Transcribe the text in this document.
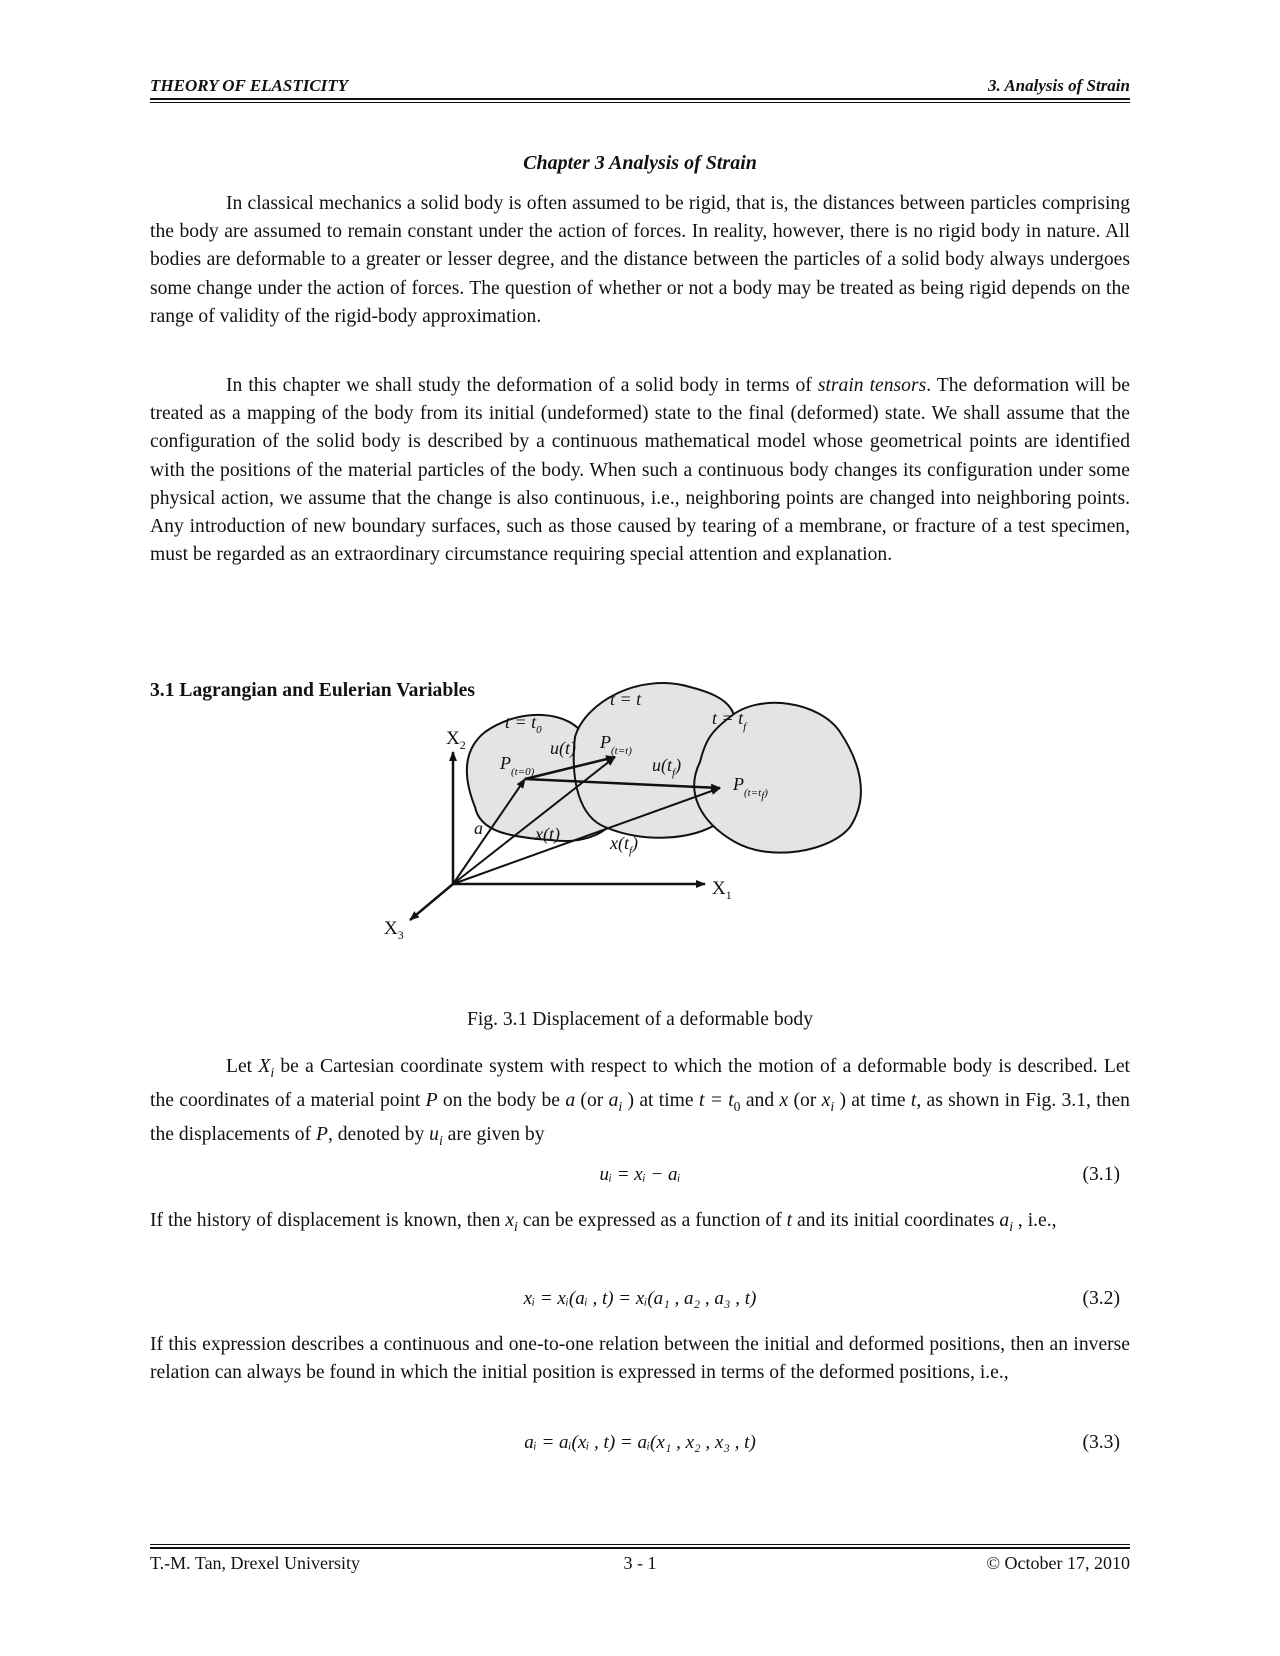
THEORY OF ELASTICITY	3. Analysis of Strain
Chapter 3 Analysis of Strain

In classical mechanics a solid body is often assumed to be rigid, that is, the distances between particles comprising the body are assumed to remain constant under the action of forces. In reality, however, there is no rigid body in nature. All bodies are deformable to a greater or lesser degree, and the distance between the particles of a solid body always undergoes some change under the action of forces. The question of whether or not a body may be treated as being rigid depends on the range of validity of the rigid-body approximation.

In this chapter we shall study the deformation of a solid body in terms of strain tensors. The deformation will be treated as a mapping of the body from its initial (undeformed) state to the final (deformed) state. We shall assume that the configuration of the solid body is described by a continuous mathematical model whose geometrical points are identified with the positions of the material particles of the body. When such a continuous body changes its configuration under some physical action, we assume that the change is also continuous, i.e., neighboring points are changed into neighboring points. Any introduction of new boundary surfaces, such as those caused by tearing of a membrane, or fracture of a test specimen, must be regarded as an extraordinary circumstance requiring special attention and explanation.

3.1 Lagrangian and Eulerian Variables	t = t
$t = t_0$
$t = t_f$
$P_{(t=0)}$
$P_{(t=t)}$
$P_{(t=t}f$)
u(t)
$u(t_f)$
a	x(t)	$x(t_f)$
$X_1$
$X_2$
$X_3$
Fig. 3.1 Displacement of a deformable body

Let $X_i$ be a Cartesian coordinate system with respect to which the motion of a deformable body is described. Let the coordinates of a material point P on the body be a (or $a_i$ ) at time $t = t_0$ and x (or $x_i$ ) at time t, as shown in Fig. 3.1, then the displacements of P, denoted by $u_i$ are given by

uᵢ = xᵢ − aᵢ	(3.1)

If the history of displacement is known, then $x_i$ can be expressed as a function of t and its initial coordinates $a_i$ , i.e.,

xᵢ = xᵢ(aᵢ , t) = xᵢ(a₁ , a₂ , a₃ , t)	(3.2)

If this expression describes a continuous and one-to-one relation between the initial and deformed positions, then an inverse relation can always be found in which the initial position is expressed in terms of the deformed positions, i.e.,

aᵢ = aᵢ(xᵢ , t) = aᵢ(x₁ , x₂ , x₃ , t)	(3.3)
T.-M. Tan, Drexel University	3 - 1	© October 17, 2010
